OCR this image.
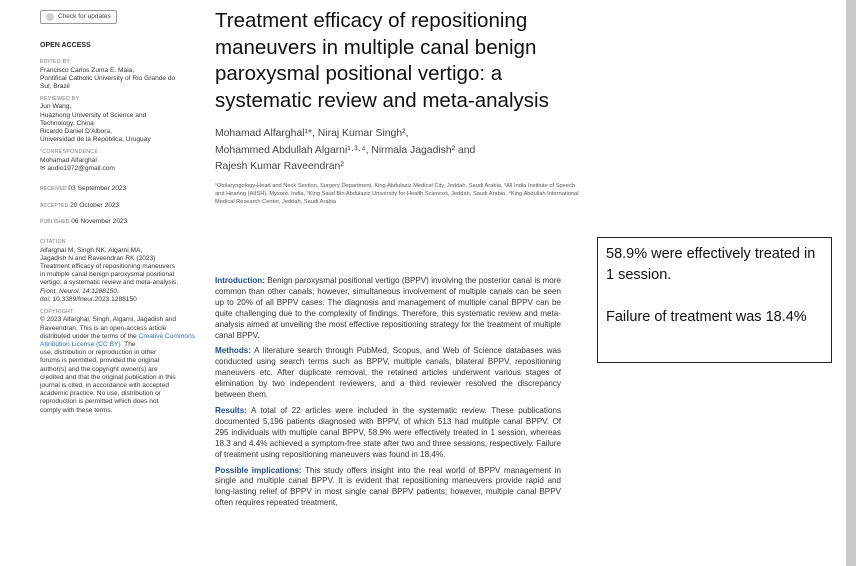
Check for updates
OPEN ACCESS
EDITED BY
Francisco Carlos Zuma E. Maia,
Pontifical Catholic University of Rio Grande do
Sul, Brazil
REVIEWED BY
Jun Wang,
Huazhong University of Science and
Technology, China
Ricardo Daniel D'Albora,
Universidad de la República, Uruguay
*CORRESPONDENCE
Mohamad Alfarghal
✉ audio1972@gmail.com

RECEIVED 03 September 2023

ACCEPTED 20 October 2023

PUBLISHED 06 November 2023

CITATION
Alfarghal M, Singh NK, Algarni MA,
Jagadish N and Raveendran RK (2023)
Treatment efficacy of repositioning maneuvers
in multiple canal benign paroxysmal positional
vertigo: a systematic review and meta-analysis.
Front. Neurol. 14:1288150.
doi: 10.3389/fneur.2023.1288150
COPYRIGHT
© 2023 Alfarghal, Singh, Algarni, Jagadish and
Raveendran. This is an open-access article
distributed under the terms of the Creative Commons Attribution License (CC BY). The
use, distribution or reproduction in other
forums is permitted, provided the original
author(s) and the copyright owner(s) are
credited and that the original publication in this
journal is cited, in accordance with accepted
academic practice. No use, distribution or
reproduction is permitted which does not
comply with these terms.
Treatment efficacy of repositioning maneuvers in multiple canal benign paroxysmal positional vertigo: a systematic review and meta-analysis
Mohamad Alfarghal¹*, Niraj Kumar Singh²,
Mohammed Abdullah Algarni¹·³·⁴, Nirmala Jagadish² and
Rajesh Kumar Raveendran²
¹Otolaryngology-Head and Neck Section, Surgery Department, King Abdulaziz Medical City, Jeddah, Saudi Arabia, ²All India Institute of Speech and Hearing (AIISH), Mysore, India, ³King Saud Bin Abdulaziz University for Health Sciences, Jeddah, Saudi Arabia, ⁴King Abdullah International Medical Research Center, Jeddah, Saudi Arabia

Introduction: Benign paroxysmal positional vertigo (BPPV) involving the posterior canal is more common than other canals; however, simultaneous involvement of multiple canals can be seen up to 20% of all BPPV cases. The diagnosis and management of multiple canal BPPV can be quite challenging due to the complexity of findings. Therefore, this systematic review and meta-analysis aimed at unveiling the most effective repositioning strategy for the treatment of multiple canal BPPV.

Methods: A literature search through PubMed, Scopus, and Web of Science databases was conducted using search terms such as BPPV, multiple canals, bilateral BPPV, repositioning maneuvers etc. After duplicate removal, the retained articles underwent various stages of elimination by two independent reviewers, and a third reviewer resolved the discrepancy between them.

Results: A total of 22 articles were included in the systematic review. These publications documented 5,196 patients diagnosed with BPPV, of which 513 had multiple canal BPPV. Of 295 individuals with multiple canal BPPV, 58.9% were effectively treated in 1 session, whereas 18.3 and 4.4% achieved a symptom-free state after two and three sessions, respectively. Failure of treatment using repositioning maneuvers was found in 18.4%.

Possible implications: This study offers insight into the real world of BPPV management in single and multiple canal BPPV. It is evident that repositioning maneuvers provide rapid and long-lasting relief of BPPV in most single canal BPPV patients; however, multiple canal BPPV often requires repeated treatment,

58.9% were effectively treated in 1 session.

Failure of treatment was 18.4%
